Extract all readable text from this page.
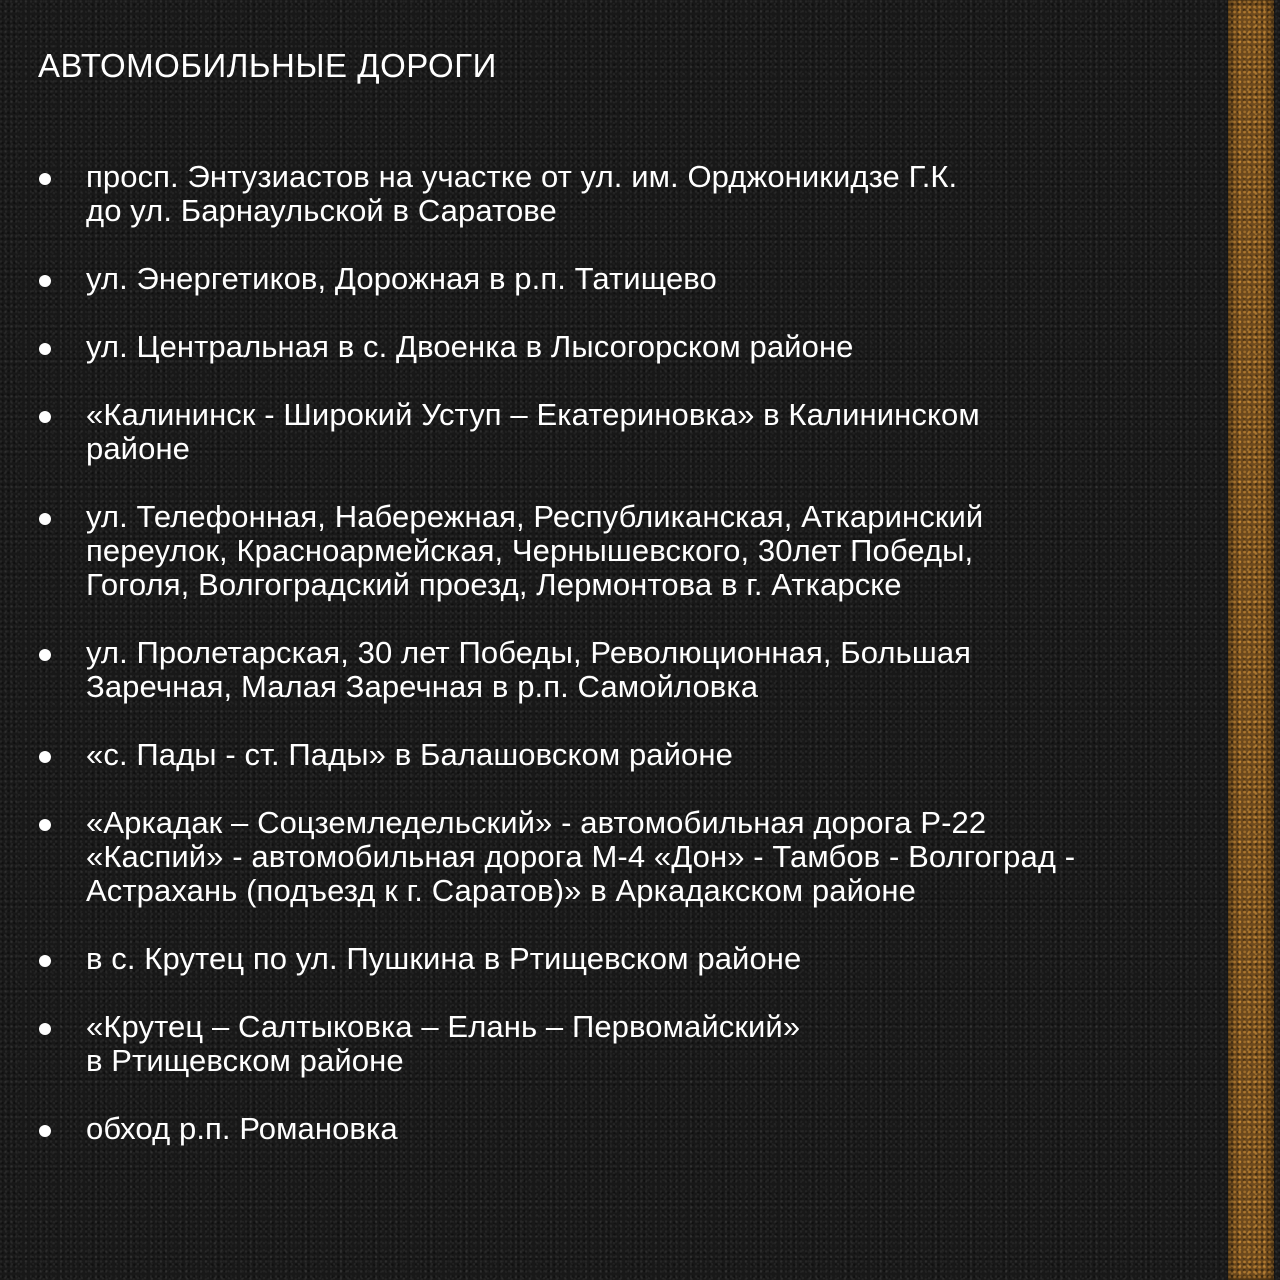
АВТОМОБИЛЬНЫЕ ДОРОГИ
просп. Энтузиастов на участке от ул. им. Орджоникидзе Г.К.
до ул. Барнаульской в Саратове
ул. Энергетиков, Дорожная в р.п. Татищево
ул. Центральная в с. Двоенка в Лысогорском районе
«Калининск - Широкий Уступ – Екатериновка» в Калининском
районе
ул. Телефонная, Набережная, Республиканская, Аткаринский
переулок, Красноармейская, Чернышевского, 30лет Победы,
Гоголя, Волгоградский проезд, Лермонтова в г. Аткарске
ул. Пролетарская, 30 лет Победы, Революционная, Большая
Заречная, Малая Заречная в р.п. Самойловка
«с. Пады - ст. Пады» в Балашовском районе
«Аркадак – Соцземледельский» - автомобильная дорога Р-22
«Каспий» - автомобильная дорога М-4 «Дон» - Тамбов - Волгоград -
Астрахань (подъезд к г. Саратов)» в Аркадакском районе
в с. Крутец по ул. Пушкина в Ртищевском районе
«Крутец – Салтыковка – Елань – Первомайский»
в Ртищевском районе
обход р.п. Романовка
